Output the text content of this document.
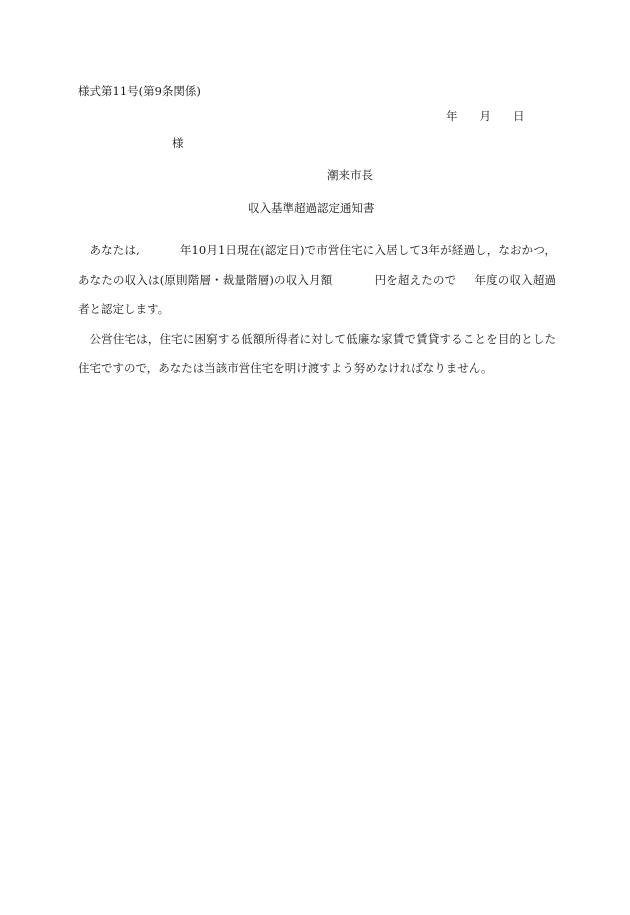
様式第11号(第9条関係)
年 月 日
様
潮来市長
収入基準超過認定通知書

あなたは,	年10月1日現在(認定日)で市営住宅に入居して3年が経過し，なおかつ，あなたの収入は(原則階層・裁量階層)の収入月額	円を超えたので 年度の収入超過者と認定します。

公営住宅は，住宅に困窮する低額所得者に対して低廉な家賃で賃貸することを目的とした住宅ですので，あなたは当該市営住宅を明け渡すよう努めなければなりません。
